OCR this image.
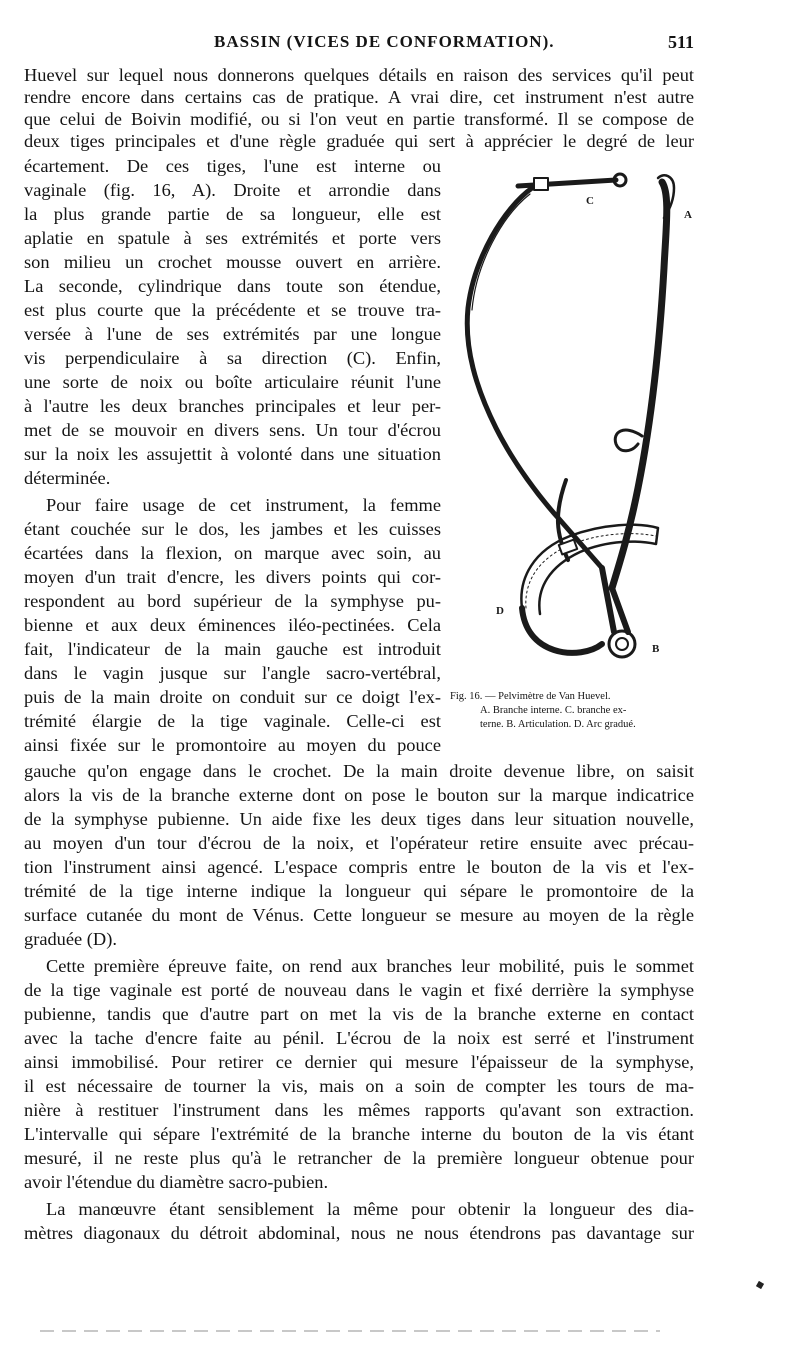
BASSIN (VICES DE CONFORMATION).	511
Huevel sur lequel nous donnerons quelques détails en raison des services qu'il peut
rendre encore dans certains cas de pratique. A vrai dire, cet instrument n'est autre
que celui de Boivin modifié, ou si l'on veut en partie transformé. Il se compose de
deux tiges principales et d'une règle graduée qui sert à apprécier le degré de leur
écartement. De ces tiges, l'une est interne ou
vaginale (fig. 16, A). Droite et arrondie dans
la plus grande partie de sa longueur, elle est
aplatie en spatule à ses extrémités et porte vers
son milieu un crochet mousse ouvert en arrière.
La seconde, cylindrique dans toute son étendue,
est plus courte que la précédente et se trouve tra-
versée à l'une de ses extrémités par une longue
vis perpendiculaire à sa direction (C). Enfin,
une sorte de noix ou boîte articulaire réunit l'une
à l'autre les deux branches principales et leur per-
met de se mouvoir en divers sens. Un tour d'écrou
sur la noix les assujettit à volonté dans une situation
déterminée.
Pour faire usage de cet instrument, la femme
étant couchée sur le dos, les jambes et les cuisses
écartées dans la flexion, on marque avec soin, au
moyen d'un trait d'encre, les divers points qui cor-
respondent au bord supérieur de la symphyse pu-
bienne et aux deux éminences iléo-pectinées. Cela
fait, l'indicateur de la main gauche est introduit
dans le vagin jusque sur l'angle sacro-vertébral,
puis de la main droite on conduit sur ce doigt l'ex-
trémité élargie de la tige vaginale. Celle-ci est
ainsi fixée sur le promontoire au moyen du pouce
gauche qu'on engage dans le crochet. De la main droite devenue libre, on saisit
alors la vis de la branche externe dont on pose le bouton sur la marque indicatrice
de la symphyse pubienne. Un aide fixe les deux tiges dans leur situation nouvelle,
au moyen d'un tour d'écrou de la noix, et l'opérateur retire ensuite avec précau-
tion l'instrument ainsi agencé. L'espace compris entre le bouton de la vis et l'ex-
trémité de la tige interne indique la longueur qui sépare le promontoire de la
surface cutanée du mont de Vénus. Cette longueur se mesure au moyen de la règle
graduée (D).
Cette première épreuve faite, on rend aux branches leur mobilité, puis le sommet
de la tige vaginale est porté de nouveau dans le vagin et fixé derrière la symphyse
pubienne, tandis que d'autre part on met la vis de la branche externe en contact
avec la tache d'encre faite au pénil. L'écrou de la noix est serré et l'instrument
ainsi immobilisé. Pour retirer ce dernier qui mesure l'épaisseur de la symphyse,
il est nécessaire de tourner la vis, mais on a soin de compter les tours de ma-
nière à restituer l'instrument dans les mêmes rapports qu'avant son extraction.
L'intervalle qui sépare l'extrémité de la branche interne du bouton de la vis étant
mesuré, il ne reste plus qu'à le retrancher de la première longueur obtenue pour
avoir l'étendue du diamètre sacro-pubien.
La manœuvre étant sensiblement la même pour obtenir la longueur des dia-
mètres diagonaux du détroit abdominal, nous ne nous étendrons pas davantage sur
C
A
D
B
Fig. 16. — Pelvimètre de Van Huevel.
A. Branche interne. C. branche ex-
terne. B. Articulation. D. Arc gradué.
